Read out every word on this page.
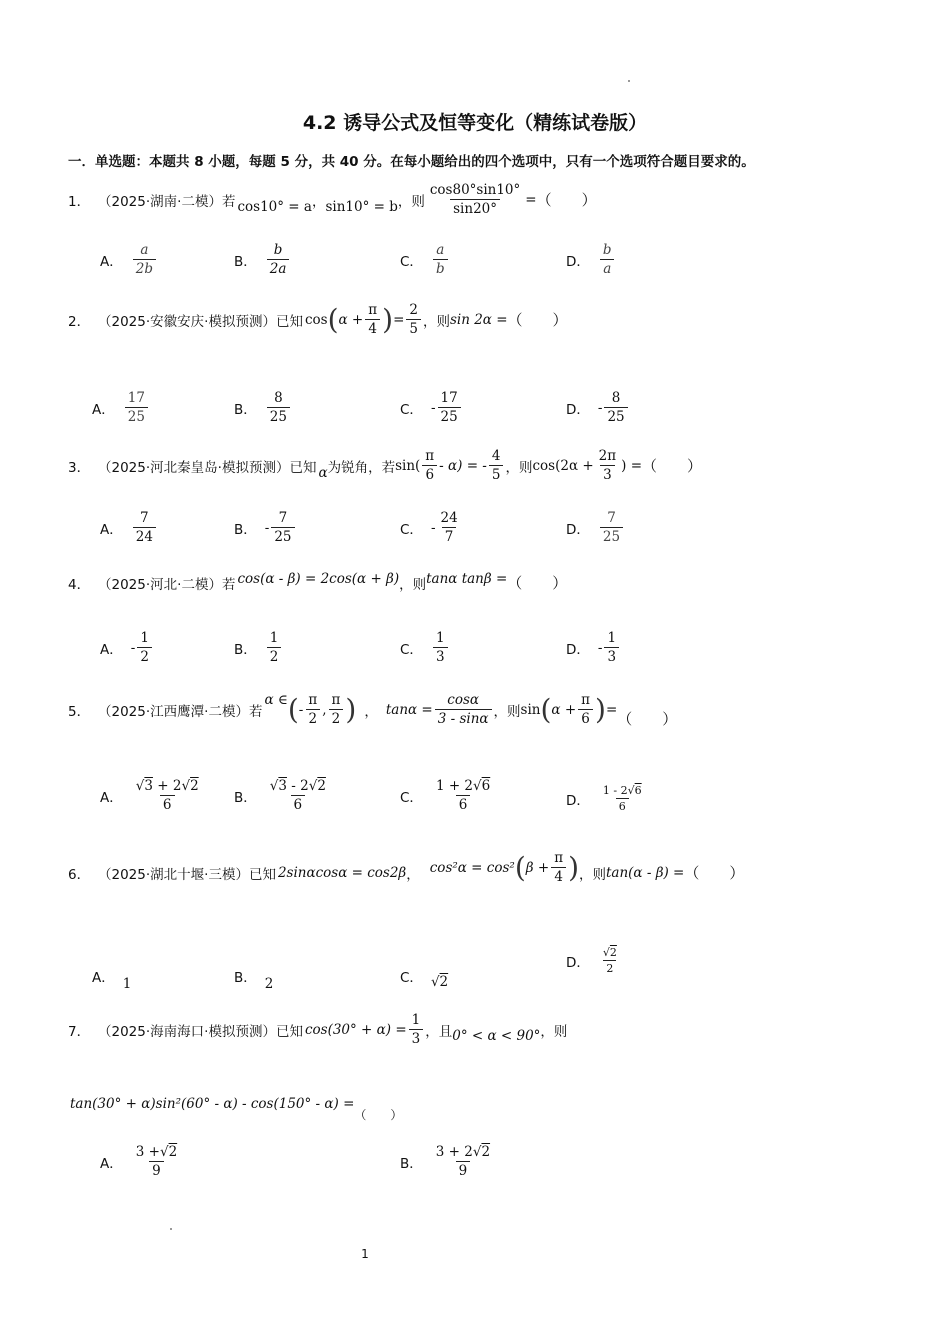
4.2 诱导公式及恒等变化（精练试卷版）
一．单选题：本题共 8 小题，每题 5 分，共 40 分。在每小题给出的四个选项中，只有一个选项符合题目要求的。
1． （2025·湖南·二模）若 cos10° = a ， sin10° = b ，则 $\frac{\cos 80^\circ\sin 10^\circ}{\sin 20^\circ}$ = （　　）
A． $\frac{a}{2b}$	B． $\frac{b}{2a}$	C． $\frac{a}{b}$	D． $\frac{b}{a}$
2． （2025·安徽安庆·模拟预测）已知 cos ( $\alpha + \frac{\pi}{4}$ ) = $\frac{2}{5}$ ，则 sin 2α = （　　）
A． $\frac{17}{25}$	B． $\frac{8}{25}$	C． - $\frac{17}{25}$	D． - $\frac{8}{25}$
3． （2025·河北秦皇岛·模拟预测）已知 α 为锐角，若 $\sin( \frac{\pi}{6} - \alpha)$ = - $\frac{4}{5}$ ，则 $\cos(2\alpha + \frac{2\pi}{3}$ ) = （　　）
A． $\frac{7}{24}$	B． - $\frac{7}{25}$	C． - $\frac{24}{7}$	D． $\frac{7}{25}$
4． （2025·河北·二模）若 cos(α - β) = 2cos(α + β) ，则 tanα tanβ = （　　）
A． - $\frac{1}{2}$	B． $\frac{1}{2}$	C． $\frac{1}{3}$	D． - $\frac{1}{3}$
5． （2025·江西鹰潭·二模）若
α ∈ ( - $\frac{\pi}{2}$ , $\frac{\pi}{2}$ ) ， $\tan\alpha = \frac{\cos\alpha}{3 - \sin\alpha}$ ，则 sin ( $\alpha + \frac{\pi}{6}$ ) =
（　　）
A． $\frac{√3 + 2√2}{6}$ B． $\frac{√3 - 2√2}{6}$	C． $\frac{1 + 2√6}{6}$	D． $\frac{1 - 2√6}{6}$
6． （2025·湖北十堰·三模）已知 2sinαcosα = cos2β ， cos²α = cos² ( $\beta + \frac{\pi}{4}$ ) ，则 tan(α - β) = （　　）
A． 1	B． 2	C． √2
D． $\frac{√2}{2}$
7． （2025·海南海口·模拟预测）已知 $\cos(30^\circ + \alpha) = \frac{1}{3}$ ，且 0° < α < 90° ，则
tan(30° + α)sin²(60° - α) - cos(150° - α) =
（　　）
A． $\frac{3 +√2}{9}$	B． $\frac{3 + 2√2}{9}$
1
